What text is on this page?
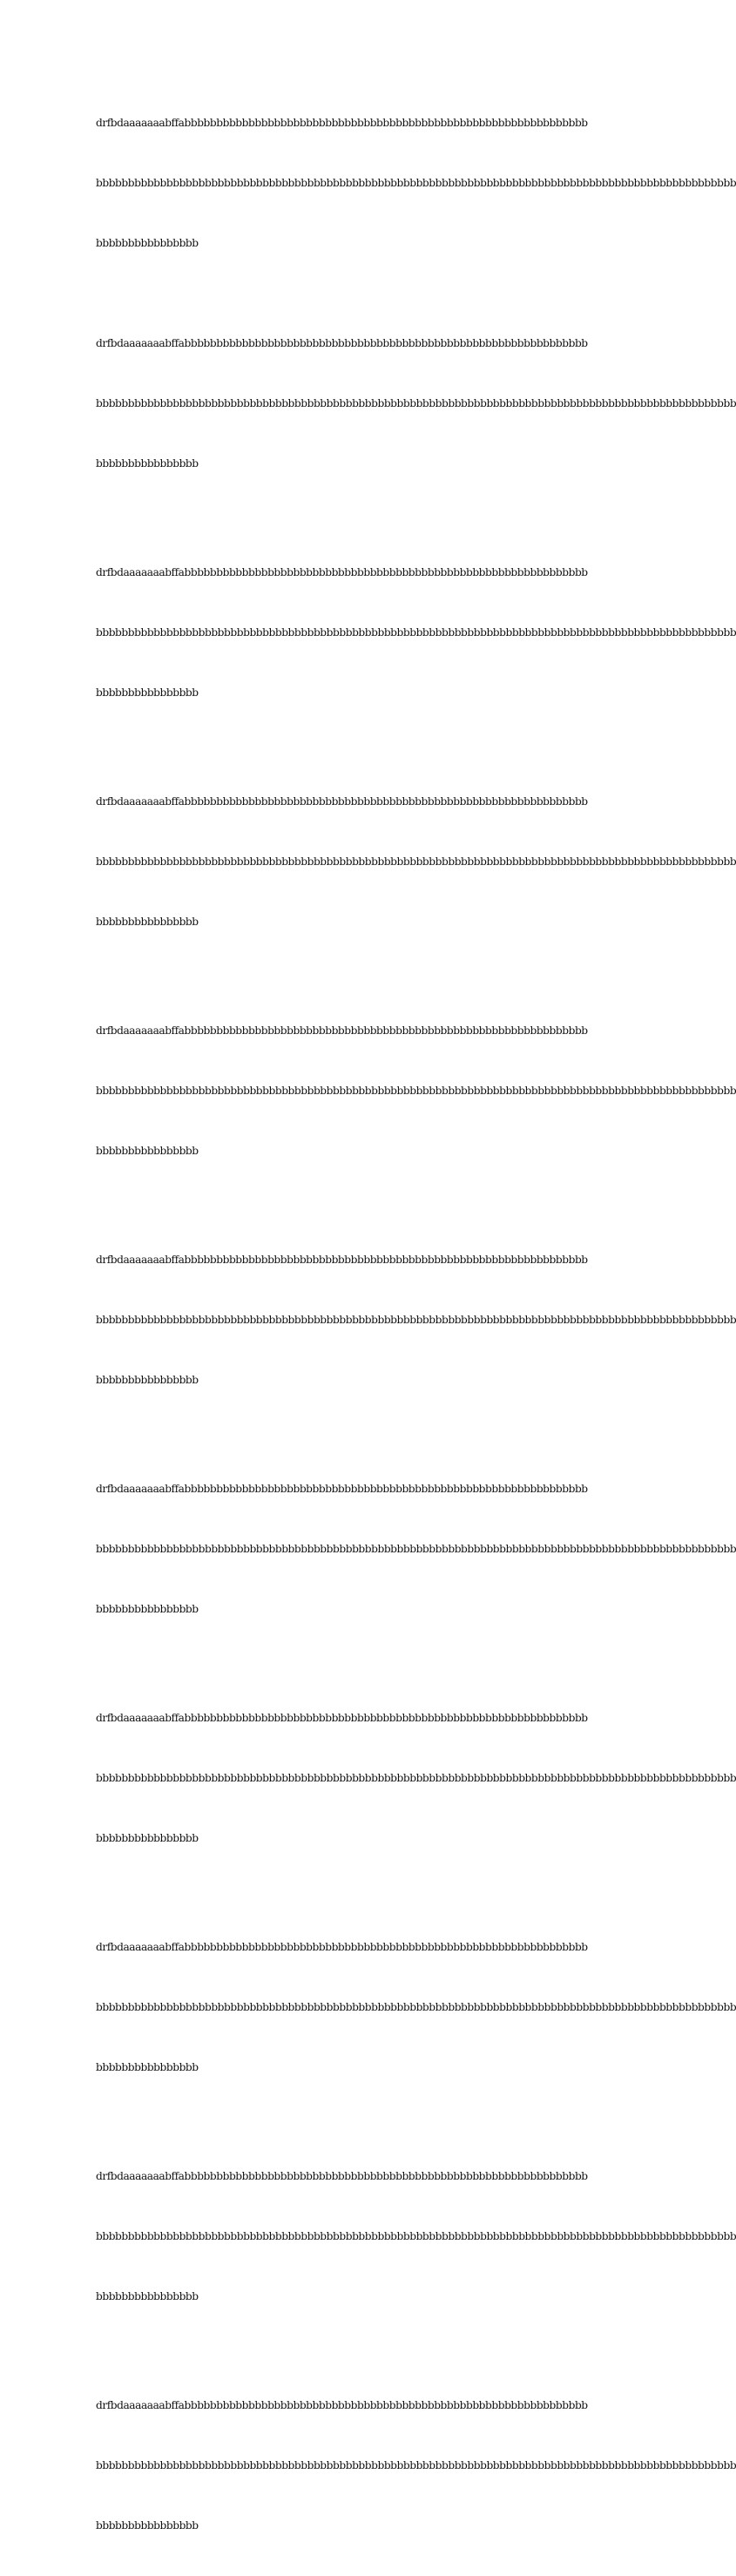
drfbdaaaaaaabffabbbbbbbbbbbbbbbbbbbbbbbbbbbbbbbbbbbbbbbbbbbbbbbbbbbbbbbbbbbbbbb

bbbbbbbbbbbbbbbbbbbbbbbbbbbbbbbbbbbbbbbbbbbbbbbbbbbbbbbbbbbbbbbbbbbbbbbbbbbbbbbbbbbbbbbbbbbbbbbbbbbb

bbbbbbbbbbbbbbbb

drfbdaaaaaaabffabbbbbbbbbbbbbbbbbbbbbbbbbbbbbbbbbbbbbbbbbbbbbbbbbbbbbbbbbbbbbbb

bbbbbbbbbbbbbbbbbbbbbbbbbbbbbbbbbbbbbbbbbbbbbbbbbbbbbbbbbbbbbbbbbbbbbbbbbbbbbbbbbbbbbbbbbbbbbbbbbbbb

bbbbbbbbbbbbbbbb

drfbdaaaaaaabffabbbbbbbbbbbbbbbbbbbbbbbbbbbbbbbbbbbbbbbbbbbbbbbbbbbbbbbbbbbbbbb

bbbbbbbbbbbbbbbbbbbbbbbbbbbbbbbbbbbbbbbbbbbbbbbbbbbbbbbbbbbbbbbbbbbbbbbbbbbbbbbbbbbbbbbbbbbbbbbbbbbb

bbbbbbbbbbbbbbbb

drfbdaaaaaaabffabbbbbbbbbbbbbbbbbbbbbbbbbbbbbbbbbbbbbbbbbbbbbbbbbbbbbbbbbbbbbbb

bbbbbbbbbbbbbbbbbbbbbbbbbbbbbbbbbbbbbbbbbbbbbbbbbbbbbbbbbbbbbbbbbbbbbbbbbbbbbbbbbbbbbbbbbbbbbbbbbbbb

bbbbbbbbbbbbbbbb

drfbdaaaaaaabffabbbbbbbbbbbbbbbbbbbbbbbbbbbbbbbbbbbbbbbbbbbbbbbbbbbbbbbbbbbbbbb

bbbbbbbbbbbbbbbbbbbbbbbbbbbbbbbbbbbbbbbbbbbbbbbbbbbbbbbbbbbbbbbbbbbbbbbbbbbbbbbbbbbbbbbbbbbbbbbbbbbb

bbbbbbbbbbbbbbbb

drfbdaaaaaaabffabbbbbbbbbbbbbbbbbbbbbbbbbbbbbbbbbbbbbbbbbbbbbbbbbbbbbbbbbbbbbbb

bbbbbbbbbbbbbbbbbbbbbbbbbbbbbbbbbbbbbbbbbbbbbbbbbbbbbbbbbbbbbbbbbbbbbbbbbbbbbbbbbbbbbbbbbbbbbbbbbbbb

bbbbbbbbbbbbbbbb

drfbdaaaaaaabffabbbbbbbbbbbbbbbbbbbbbbbbbbbbbbbbbbbbbbbbbbbbbbbbbbbbbbbbbbbbbbb

bbbbbbbbbbbbbbbbbbbbbbbbbbbbbbbbbbbbbbbbbbbbbbbbbbbbbbbbbbbbbbbbbbbbbbbbbbbbbbbbbbbbbbbbbbbbbbbbbbbb

bbbbbbbbbbbbbbbb

drfbdaaaaaaabffabbbbbbbbbbbbbbbbbbbbbbbbbbbbbbbbbbbbbbbbbbbbbbbbbbbbbbbbbbbbbbb

bbbbbbbbbbbbbbbbbbbbbbbbbbbbbbbbbbbbbbbbbbbbbbbbbbbbbbbbbbbbbbbbbbbbbbbbbbbbbbbbbbbbbbbbbbbbbbbbbbbb

bbbbbbbbbbbbbbbb

drfbdaaaaaaabffabbbbbbbbbbbbbbbbbbbbbbbbbbbbbbbbbbbbbbbbbbbbbbbbbbbbbbbbbbbbbbb

bbbbbbbbbbbbbbbbbbbbbbbbbbbbbbbbbbbbbbbbbbbbbbbbbbbbbbbbbbbbbbbbbbbbbbbbbbbbbbbbbbbbbbbbbbbbbbbbbbbb

bbbbbbbbbbbbbbbb

drfbdaaaaaaabffabbbbbbbbbbbbbbbbbbbbbbbbbbbbbbbbbbbbbbbbbbbbbbbbbbbbbbbbbbbbbbb

bbbbbbbbbbbbbbbbbbbbbbbbbbbbbbbbbbbbbbbbbbbbbbbbbbbbbbbbbbbbbbbbbbbbbbbbbbbbbbbbbbbbbbbbbbbbbbbbbbbb

bbbbbbbbbbbbbbbb

drfbdaaaaaaabffabbbbbbbbbbbbbbbbbbbbbbbbbbbbbbbbbbbbbbbbbbbbbbbbbbbbbbbbbbbbbbb

bbbbbbbbbbbbbbbbbbbbbbbbbbbbbbbbbbbbbbbbbbbbbbbbbbbbbbbbbbbbbbbbbbbbbbbbbbbbbbbbbbbbbbbbbbbbbbbbbbbb

bbbbbbbbbbbbbbbb
